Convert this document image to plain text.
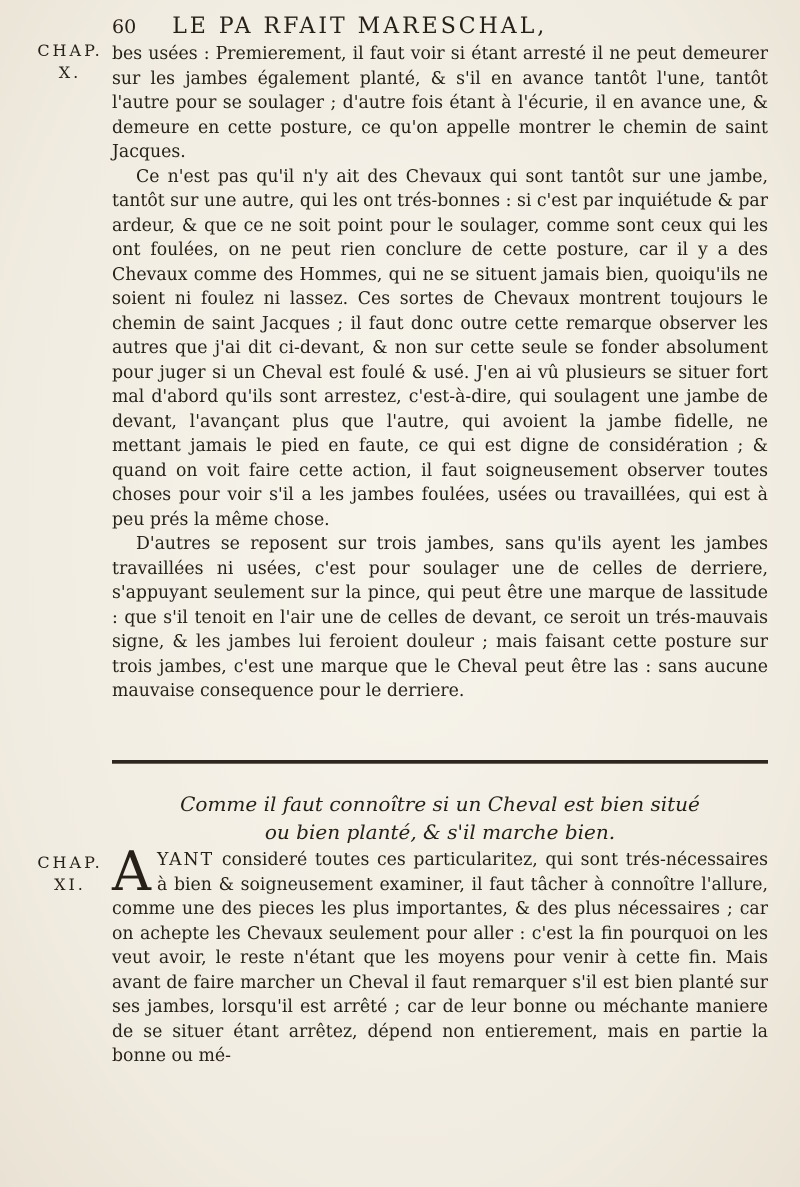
60 LE PA RFAIT MARESCHAL,
CHAP. X.

bes usées : Premierement, il faut voir si étant arresté il ne peut demeurer sur les jambes également planté, & s'il en avance tantôt l'une, tantôt l'autre pour se soulager ; d'autre fois étant à l'écurie, il en avance une, & demeure en cette posture, ce qu'on appelle montrer le chemin de saint Jacques.

Ce n'est pas qu'il n'y ait des Chevaux qui sont tantôt sur une jambe, tantôt sur une autre, qui les ont trés-bonnes : si c'est par inquiétude & par ardeur, & que ce ne soit point pour le soulager, comme sont ceux qui les ont foulées, on ne peut rien conclure de cette posture, car il y a des Chevaux comme des Hommes, qui ne se situent jamais bien, quoiqu'ils ne soient ni foulez ni lassez. Ces sortes de Chevaux montrent toujours le chemin de saint Jacques ; il faut donc outre cette remarque observer les autres que j'ai dit ci-devant, & non sur cette seule se fonder absolument pour juger si un Cheval est foulé & usé. J'en ai vû plusieurs se situer fort mal d'abord qu'ils sont arrestez, c'est-à-dire, qui soulagent une jambe de devant, l'avançant plus que l'autre, qui avoient la jambe fidelle, ne mettant jamais le pied en faute, ce qui est digne de considération ; & quand on voit faire cette action, il faut soigneusement observer toutes choses pour voir s'il a les jambes foulées, usées ou travaillées, qui est à peu prés la même chose.

D'autres se reposent sur trois jambes, sans qu'ils ayent les jambes travaillées ni usées, c'est pour soulager une de celles de derriere, s'appuyant seulement sur la pince, qui peut être une marque de lassitude : que s'il tenoit en l'air une de celles de devant, ce seroit un trés-mauvais signe, & les jambes lui feroient douleur ; mais faisant cette posture sur trois jambes, c'est une marque que le Cheval peut être las : sans aucune mauvaise consequence pour le derriere.

Comme il faut connoître si un Cheval est bien situé
ou bien planté, & s'il marche bien.
CHAP. XI. AYANT consideré toutes ces particularitez, qui sont trés-nécessaires à bien & soigneusement examiner, il faut tâcher à connoître l'allure, comme une des pieces les plus importantes, & des plus nécessaires ; car on achepte les Chevaux seulement pour aller : c'est la fin pourquoi on les veut avoir, le reste n'étant que les moyens pour venir à cette fin. Mais avant de faire marcher un Cheval il faut remarquer s'il est bien planté sur ses jambes, lorsqu'il est arrêté ; car de leur bonne ou méchante maniere de se situer étant arrêtez, dépend non entierement, mais en partie la bonne ou mé-
